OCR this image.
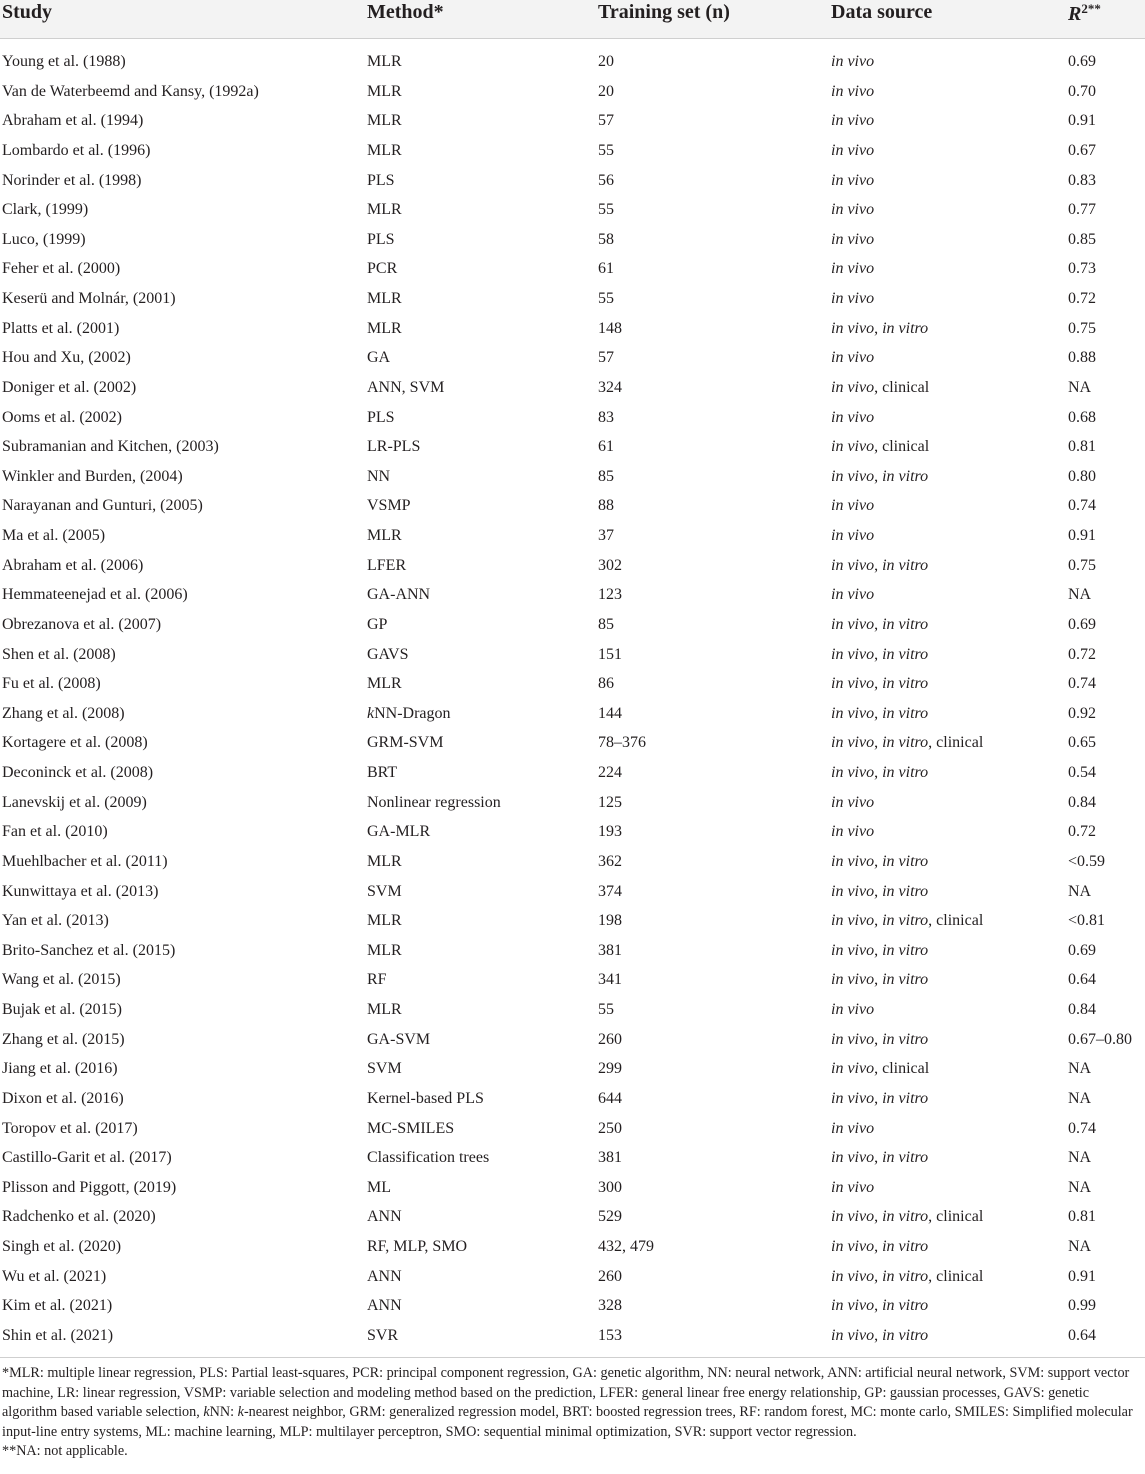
Study	Method*	Training set (n)	Data source	$R^{2**}$
Young et al. (1988)	MLR	20	in vivo	0.69
Van de Waterbeemd and Kansy, (1992a)	MLR	20	in vivo	0.70
Abraham et al. (1994)	MLR	57	in vivo	0.91
Lombardo et al. (1996)	MLR	55	in vivo	0.67
Norinder et al. (1998)	PLS	56	in vivo	0.83
Clark, (1999)	MLR	55	in vivo	0.77
Luco, (1999)	PLS	58	in vivo	0.85
Feher et al. (2000)	PCR	61	in vivo	0.73
Keserü and Molnár, (2001)	MLR	55	in vivo	0.72
Platts et al. (2001)	MLR	148	in vivo, in vitro	0.75
Hou and Xu, (2002)	GA	57	in vivo	0.88
Doniger et al. (2002)	ANN, SVM	324	in vivo, clinical	NA
Ooms et al. (2002)	PLS	83	in vivo	0.68
Subramanian and Kitchen, (2003)	LR-PLS	61	in vivo, clinical	0.81
Winkler and Burden, (2004)	NN	85	in vivo, in vitro	0.80
Narayanan and Gunturi, (2005)	VSMP	88	in vivo	0.74
Ma et al. (2005)	MLR	37	in vivo	0.91
Abraham et al. (2006)	LFER	302	in vivo, in vitro	0.75
Hemmateenejad et al. (2006)	GA-ANN	123	in vivo	NA
Obrezanova et al. (2007)	GP	85	in vivo, in vitro	0.69
Shen et al. (2008)	GAVS	151	in vivo, in vitro	0.72
Fu et al. (2008)	MLR	86	in vivo, in vitro	0.74
Zhang et al. (2008)	kNN-Dragon	144	in vivo, in vitro	0.92
Kortagere et al. (2008)	GRM-SVM	78–376	in vivo, in vitro, clinical	0.65
Deconinck et al. (2008)	BRT	224	in vivo, in vitro	0.54
Lanevskij et al. (2009)	Nonlinear regression	125	in vivo	0.84
Fan et al. (2010)	GA-MLR	193	in vivo	0.72
Muehlbacher et al. (2011)	MLR	362	in vivo, in vitro	<0.59
Kunwittaya et al. (2013)	SVM	374	in vivo, in vitro	NA
Yan et al. (2013)	MLR	198	in vivo, in vitro, clinical	<0.81
Brito-Sanchez et al. (2015)	MLR	381	in vivo, in vitro	0.69
Wang et al. (2015)	RF	341	in vivo, in vitro	0.64
Bujak et al. (2015)	MLR	55	in vivo	0.84
Zhang et al. (2015)	GA-SVM	260	in vivo, in vitro	0.67–0.80
Jiang et al. (2016)	SVM	299	in vivo, clinical	NA
Dixon et al. (2016)	Kernel-based PLS	644	in vivo, in vitro	NA
Toropov et al. (2017)	MC-SMILES	250	in vivo	0.74
Castillo-Garit et al. (2017)	Classification trees	381	in vivo, in vitro	NA
Plisson and Piggott, (2019)	ML	300	in vivo	NA
Radchenko et al. (2020)	ANN	529	in vivo, in vitro, clinical	0.81
Singh et al. (2020)	RF, MLP, SMO	432, 479	in vivo, in vitro	NA
Wu et al. (2021)	ANN	260	in vivo, in vitro, clinical	0.91
Kim et al. (2021)	ANN	328	in vivo, in vitro	0.99
Shin et al. (2021)	SVR	153	in vivo, in vitro	0.64

*MLR: multiple linear regression, PLS: Partial least-squares, PCR: principal component regression, GA: genetic algorithm, NN: neural network, ANN: artificial neural network, SVM: support vector machine, LR: linear regression, VSMP: variable selection and modeling method based on the prediction, LFER: general linear free energy relationship, GP: gaussian processes, GAVS: genetic algorithm based variable selection, kNN: k-nearest neighbor, GRM: generalized regression model, BRT: boosted regression trees, RF: random forest, MC: monte carlo, SMILES: Simplified molecular input-line entry systems, ML: machine learning, MLP: multilayer perceptron, SMO: sequential minimal optimization, SVR: support vector regression.

**NA: not applicable.
